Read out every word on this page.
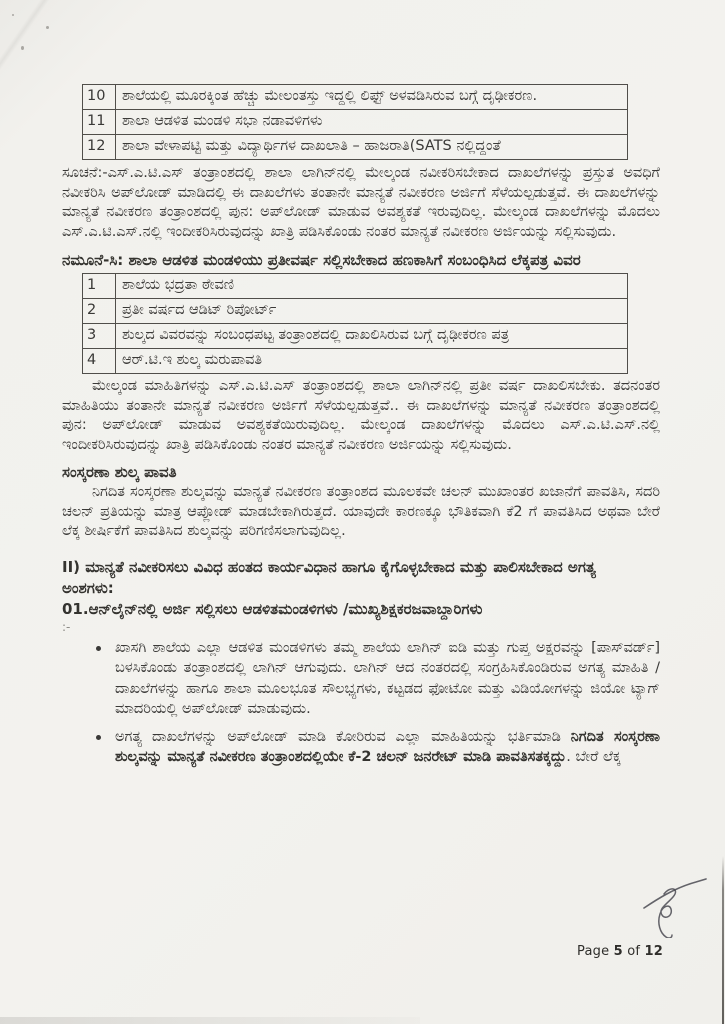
10	ಶಾಲೆಯಲ್ಲಿ ಮೂರಕ್ಕಿಂತ ಹೆಚ್ಚು ಮೇಲಂತಸ್ತು ಇದ್ದಲ್ಲಿ ಲಿಫ್ಟ್ ಅಳವಡಿಸಿರುವ ಬಗ್ಗೆ ದೃಢೀಕರಣ.
11	ಶಾಲಾ ಆಡಳಿತ ಮಂಡಳಿ ಸಭಾ ನಡಾವಳಿಗಳು
12	ಶಾಲಾ ವೇಳಾಪಟ್ಟಿ ಮತ್ತು ವಿದ್ಯಾರ್ಥಿಗಳ ದಾಖಲಾತಿ – ಹಾಜರಾತಿ(SATS ನಲ್ಲಿದ್ದಂತೆ

ಸೂಚನೆ:-ಎಸ್.ಎ.ಟಿ.ಎಸ್ ತಂತ್ರಾಂಶದಲ್ಲಿ ಶಾಲಾ ಲಾಗಿನ್‌ನಲ್ಲಿ ಮೇಲ್ಕಂಡ ನವೀಕರಿಸಬೇಕಾದ ದಾಖಲೆಗಳನ್ನು ಪ್ರಸ್ತುತ ಅವಧಿಗೆ ನವೀಕರಿಸಿ ಅಪ್‌ಲೋಡ್ ಮಾಡಿದಲ್ಲಿ ಈ ದಾಖಲೆಗಳು ತಂತಾನೇ ಮಾನ್ಯತೆ ನವೀಕರಣ ಅರ್ಜಿಗೆ ಸೆಳೆಯಲ್ಪಡುತ್ತವೆ. ಈ ದಾಖಲೆಗಳನ್ನು ಮಾನ್ಯತೆ ನವೀಕರಣ ತಂತ್ರಾಂಶದಲ್ಲಿ ಪುನ: ಅಪ್‌ಲೋಡ್ ಮಾಡುವ ಅವಶ್ಯಕತೆ ಇರುವುದಿಲ್ಲ. ಮೇಲ್ಕಂಡ ದಾಖಲೆಗಳನ್ನು ಮೊದಲು ಎಸ್.ಎ.ಟಿ.ಎಸ್.ನಲ್ಲಿ ಇಂದೀಕರಿಸಿರುವುದನ್ನು ಖಾತ್ರಿ ಪಡಿಸಿಕೊಂಡು ನಂತರ ಮಾನ್ಯತೆ ನವೀಕರಣ ಅರ್ಜಿಯನ್ನು ಸಲ್ಲಿಸುವುದು.

ನಮೂನೆ-ಸಿ: ಶಾಲಾ ಆಡಳಿತ ಮಂಡಳಿಯು ಪ್ರತೀವರ್ಷ ಸಲ್ಲಿಸಬೇಕಾದ ಹಣಕಾಸಿಗೆ ಸಂಬಂಧಿಸಿದ ಲೆಕ್ಕಪತ್ರ ವಿವರ

1	ಶಾಲೆಯ ಭದ್ರತಾ ಠೇವಣಿ
2	ಪ್ರತೀ ವರ್ಷದ ಆಡಿಟ್ ರಿಪೋರ್ಟ್
3	ಶುಲ್ಕದ ವಿವರವನ್ನು ಸಂಬಂಧಪಟ್ಟ ತಂತ್ರಾಂಶದಲ್ಲಿ ದಾಖಲಿಸಿರುವ ಬಗ್ಗೆ ದೃಢೀಕರಣ ಪತ್ರ
4	ಆರ್.ಟಿ.ಇ ಶುಲ್ಕ ಮರುಪಾವತಿ

ಮೇಲ್ಕಂಡ ಮಾಹಿತಿಗಳನ್ನು ಎಸ್.ಎ.ಟಿ.ಎಸ್ ತಂತ್ರಾಂಶದಲ್ಲಿ ಶಾಲಾ ಲಾಗಿನ್‌ನಲ್ಲಿ ಪ್ರತೀ ವರ್ಷ ದಾಖಲಿಸಬೇಕು. ತದನಂತರ ಮಾಹಿತಿಯು ತಂತಾನೇ ಮಾನ್ಯತೆ ನವೀಕರಣ ಅರ್ಜಿಗೆ ಸೆಳೆಯಲ್ಪಡುತ್ತವೆ.. ಈ ದಾಖಲೆಗಳನ್ನು ಮಾನ್ಯತೆ ನವೀಕರಣ ತಂತ್ರಾಂಶದಲ್ಲಿ ಪುನ: ಅಪ್‌ಲೋಡ್ ಮಾಡುವ ಅವಶ್ಯಕತೆಯಿರುವುದಿಲ್ಲ. ಮೇಲ್ಕಂಡ ದಾಖಲೆಗಳನ್ನು ಮೊದಲು ಎಸ್.ಎ.ಟಿ.ಎಸ್.ನಲ್ಲಿ ಇಂದೀಕರಿಸಿರುವುದನ್ನು ಖಾತ್ರಿ ಪಡಿಸಿಕೊಂಡು ನಂತರ ಮಾನ್ಯತೆ ನವೀಕರಣ ಅರ್ಜಿಯನ್ನು ಸಲ್ಲಿಸುವುದು.

ಸಂಸ್ಕರಣಾ ಶುಲ್ಕ ಪಾವತಿ

ನಿಗದಿತ ಸಂಸ್ಕರಣಾ ಶುಲ್ಕವನ್ನು ಮಾನ್ಯತೆ ನವೀಕರಣ ತಂತ್ರಾಂಶದ ಮೂಲಕವೇ ಚಲನ್ ಮುಖಾಂತರ ಖಜಾನೆಗೆ ಪಾವತಿಸಿ, ಸದರಿ ಚಲನ್ ಪ್ರತಿಯನ್ನು ಮಾತ್ರ ಆಪ್ಲೋಡ್ ಮಾಡಬೇಕಾಗಿರುತ್ತದೆ. ಯಾವುದೇ ಕಾರಣಕ್ಕೂ ಭೌತಿಕವಾಗಿ ಕೆ2 ಗೆ ಪಾವತಿಸಿದ ಅಥವಾ ಬೇರೆ ಲೆಕ್ಕ ಶೀರ್ಷಿಕೆಗೆ ಪಾವತಿಸಿದ ಶುಲ್ಕವನ್ನು ಪರಿಗಣಿಸಲಾಗುವುದಿಲ್ಲ.

II) ಮಾನ್ಯತೆ ನವೀಕರಿಸಲು ವಿವಿಧ ಹಂತದ ಕಾರ್ಯವಿಧಾನ ಹಾಗೂ ಕೈಗೊಳ್ಳಬೇಕಾದ ಮತ್ತು ಪಾಲಿಸಬೇಕಾದ ಅಗತ್ಯ

ಅಂಶಗಳು:

01.ಆನ್‌ಲೈನ್‌ನಲ್ಲಿ ಅರ್ಜಿ ಸಲ್ಲಿಸಲು ಆಡಳಿತಮಂಡಳಿಗಳು /ಮುಖ್ಯಶಿಕ್ಷಕರಜವಾಬ್ದಾರಿಗಳು

:-

ಖಾಸಗಿ ಶಾಲೆಯ ಎಲ್ಲಾ ಆಡಳಿತ ಮಂಡಳಿಗಳು ತಮ್ಮ ಶಾಲೆಯ ಲಾಗಿನ್ ಐಡಿ ಮತ್ತು ಗುಪ್ತ ಅಕ್ಷರವನ್ನು [ಪಾಸ್‌ವರ್ಡ್] ಬಳಸಿಕೊಂಡು ತಂತ್ರಾಂಶದಲ್ಲಿ ಲಾಗಿನ್ ಆಗುವುದು. ಲಾಗಿನ್ ಆದ ನಂತರದಲ್ಲಿ ಸಂಗ್ರಹಿಸಿಕೊಂಡಿರುವ ಅಗತ್ಯ ಮಾಹಿತಿ /ದಾಖಲೆಗಳನ್ನು ಹಾಗೂ ಶಾಲಾ ಮೂಲಭೂತ ಸೌಲಭ್ಯಗಳು, ಕಟ್ಟಡದ ಫೋಟೋ ಮತ್ತು ವಿಡಿಯೋಗಳನ್ನು ಜಿಯೋ ಟ್ಯಾಗ್ ಮಾದರಿಯಲ್ಲಿ ಅಪ್‌ಲೋಡ್ ಮಾಡುವುದು.
ಅಗತ್ಯ ದಾಖಲೆಗಳನ್ನು ಅಪ್‌ಲೋಡ್ ಮಾಡಿ ಕೋರಿರುವ ಎಲ್ಲಾ ಮಾಹಿತಿಯನ್ನು ಭರ್ತಿಮಾಡಿ ನಿಗದಿತ ಸಂಸ್ಕರಣಾ ಶುಲ್ಕವನ್ನು ಮಾನ್ಯತೆ ನವೀಕರಣ ತಂತ್ರಾಂಶದಲ್ಲಿಯೇ ಕೆ-2 ಚಲನ್ ಜನರೇಟ್ ಮಾಡಿ ಪಾವತಿಸತಕ್ಕದ್ದು. ಬೇರೆ ಲೆಕ್ಕ
Page 5 of 12
